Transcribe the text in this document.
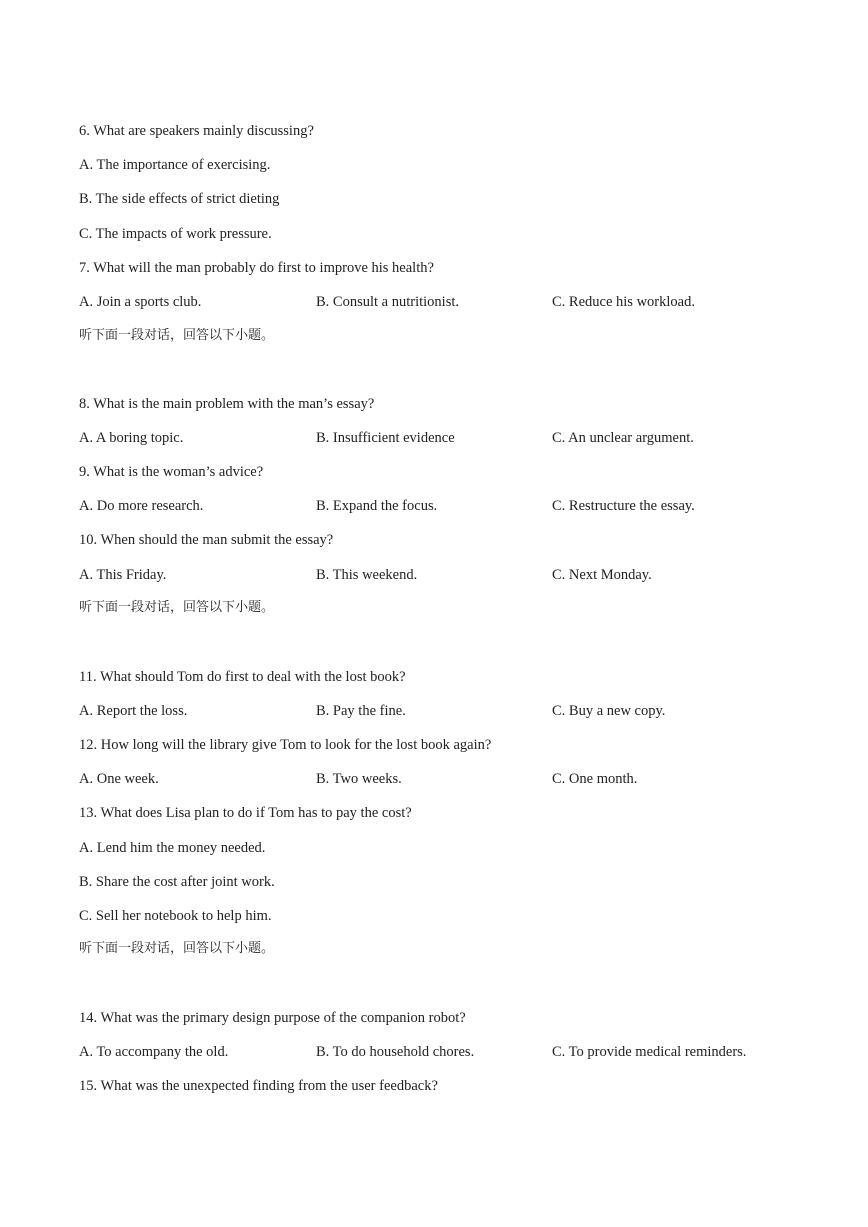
6. What are speakers mainly discussing?
A. The importance of exercising.
B. The side effects of strict dieting
C. The impacts of work pressure.
7. What will the man probably do first to improve his health?
A. Join a sports club.	B. Consult a nutritionist.	C. Reduce his workload.
听下面一段对话，回答以下小题。
8. What is the main problem with the man’s essay?
A. A boring topic.	B. Insufficient evidence	C. An unclear argument.
9. What is the woman’s advice?
A. Do more research.	B. Expand the focus.	C. Restructure the essay.
10. When should the man submit the essay?
A. This Friday.	B. This weekend.	C. Next Monday.
听下面一段对话，回答以下小题。
11. What should Tom do first to deal with the lost book?
A. Report the loss.	B. Pay the fine.	C. Buy a new copy.
12. How long will the library give Tom to look for the lost book again?
A. One week.	B. Two weeks.	C. One month.
13. What does Lisa plan to do if Tom has to pay the cost?
A. Lend him the money needed.
B. Share the cost after joint work.
C. Sell her notebook to help him.
听下面一段对话，回答以下小题。
14. What was the primary design purpose of the companion robot?
A. To accompany the old.	B. To do household chores.	C. To provide medical reminders.
15. What was the unexpected finding from the user feedback?
